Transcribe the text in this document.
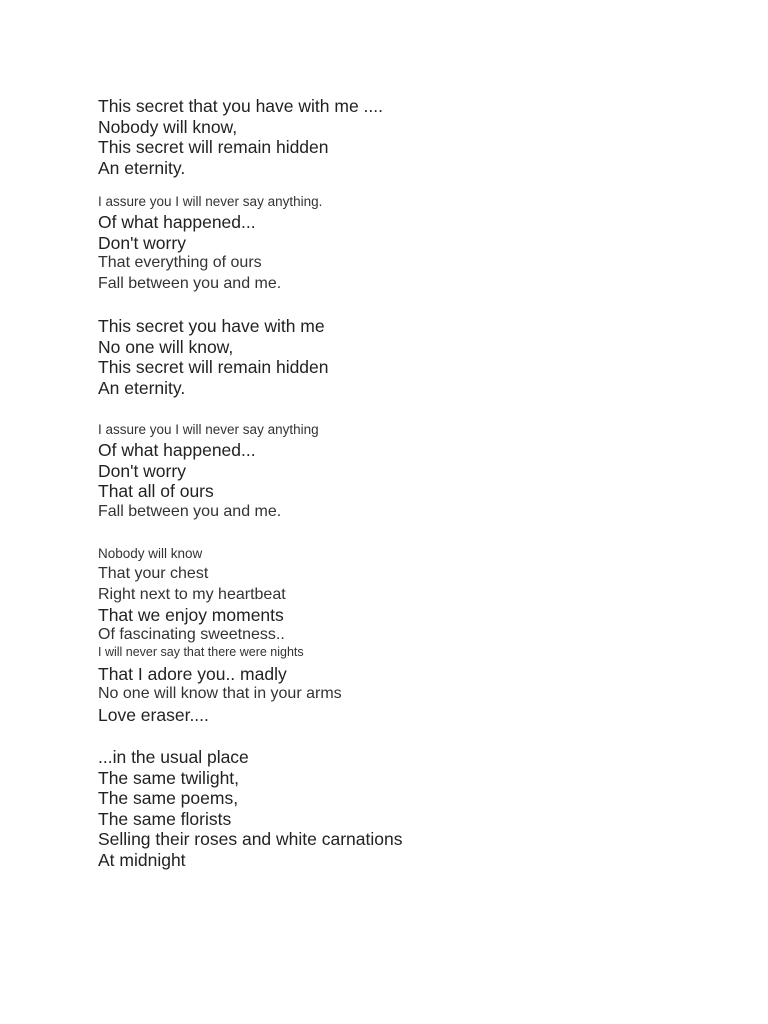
This secret that you have with me ....

Nobody will know,

This secret will remain hidden

An eternity.

I assure you I will never say anything.

Of what happened...

Don't worry

That everything of ours

Fall between you and me.

This secret you have with me

No one will know,

This secret will remain hidden

An eternity.

I assure you I will never say anything

Of what happened...

Don't worry

That all of ours

Fall between you and me.

Nobody will know

That your chest

Right next to my heartbeat

That we enjoy moments

Of fascinating sweetness..

I will never say that there were nights

That I adore you.. madly

No one will know that in your arms

Love eraser....

...in the usual place

The same twilight,

The same poems,

The same florists

Selling their roses and white carnations

At midnight
